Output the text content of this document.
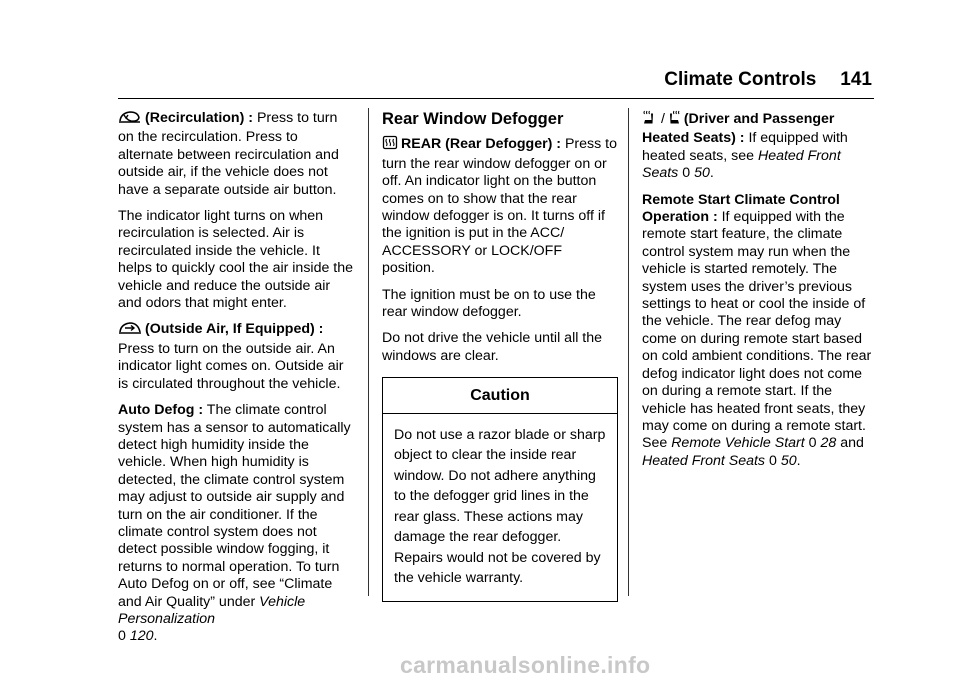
Climate Controls 141

(Recirculation) : Press to turn on the recirculation. Press to alternate between recirculation and outside air, if the vehicle does not have a separate outside air button.

The indicator light turns on when recirculation is selected. Air is recirculated inside the vehicle. It helps to quickly cool the air inside the vehicle and reduce the outside air and odors that might enter.

(Outside Air, If Equipped) : Press to turn on the outside air. An indicator light comes on. Outside air is circulated throughout the vehicle.

Auto Defog : The climate control system has a sensor to automatically detect high humidity inside the vehicle. When high humidity is detected, the climate control system may adjust to outside air supply and turn on the air conditioner. If the climate control system does not detect possible window fogging, it returns to normal operation. To turn Auto Defog on or off, see “Climate and Air Quality” under Vehicle Personalization
0 120.

Rear Window Defogger

REAR (Rear Defogger) : Press to turn the rear window defogger on or off. An indicator light on the button comes on to show that the rear window defogger is on. It turns off if the ignition is put in the ACC/ ACCESSORY or LOCK/OFF position.

The ignition must be on to use the rear window defogger.

Do not drive the vehicle until all the windows are clear.

Caution
Do not use a razor blade or sharp object to clear the inside rear window. Do not adhere anything to the defogger grid lines in the rear glass. These actions may damage the rear defogger. Repairs would not be covered by the vehicle warranty.

/ (Driver and Passenger Heated Seats) : If equipped with heated seats, see Heated Front Seats 0 50.

Remote Start Climate Control Operation : If equipped with the remote start feature, the climate control system may run when the vehicle is started remotely. The system uses the driver’s previous settings to heat or cool the inside of the vehicle. The rear defog may come on during remote start based on cold ambient conditions. The rear defog indicator light does not come on during a remote start. If the vehicle has heated front seats, they may come on during a remote start. See Remote Vehicle Start 0 28 and Heated Front Seats 0 50.

carmanualsonline.info
